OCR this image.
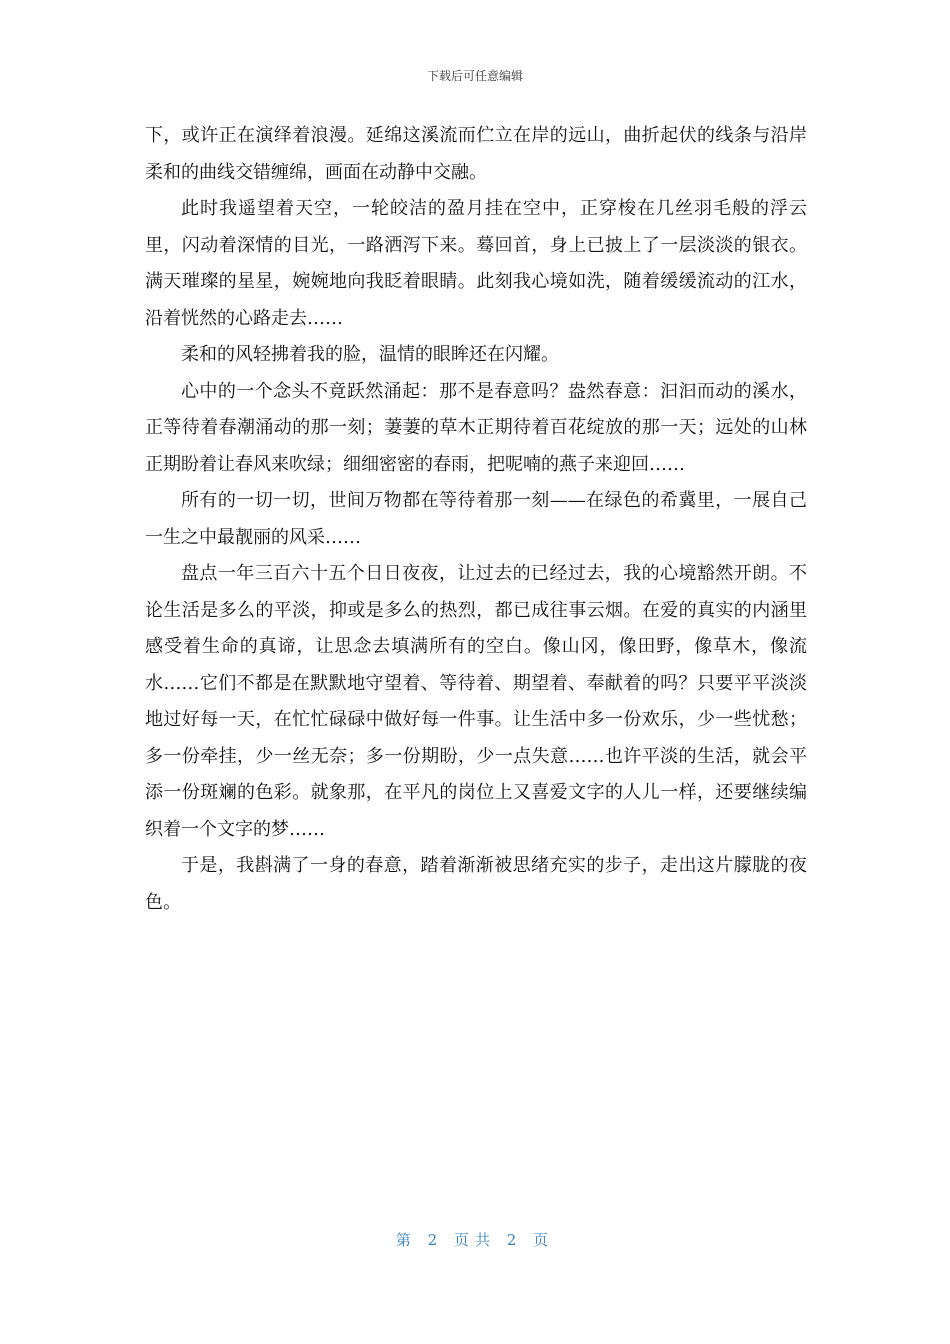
下载后可任意编辑

下，或许正在演绎着浪漫。延绵这溪流而伫立在岸的远山，曲折起伏的线条与沿岸柔和的曲线交错缠绵，画面在动静中交融。

此时我遥望着天空，一轮皎洁的盈月挂在空中，正穿梭在几丝羽毛般的浮云里，闪动着深情的目光，一路洒泻下来。蓦回首，身上已披上了一层淡淡的银衣。满天璀璨的星星，婉婉地向我眨着眼睛。此刻我心境如洗，随着缓缓流动的江水，沿着恍然的心路走去……

柔和的风轻拂着我的脸，温情的眼眸还在闪耀。

心中的一个念头不竟跃然涌起：那不是春意吗？盎然春意：汩汩而动的溪水，正等待着春潮涌动的那一刻；萋萋的草木正期待着百花绽放的那一天；远处的山林正期盼着让春风来吹绿；细细密密的春雨，把呢喃的燕子来迎回……

所有的一切一切，世间万物都在等待着那一刻——在绿色的希冀里，一展自己一生之中最靓丽的风采……

盘点一年三百六十五个日日夜夜，让过去的已经过去，我的心境豁然开朗。不论生活是多么的平淡，抑或是多么的热烈，都已成往事云烟。在爱的真实的内涵里感受着生命的真谛，让思念去填满所有的空白。像山冈，像田野，像草木，像流水……它们不都是在默默地守望着、等待着、期望着、奉献着的吗？只要平平淡淡地过好每一天，在忙忙碌碌中做好每一件事。让生活中多一份欢乐，少一些忧愁；多一份牵挂，少一丝无奈；多一份期盼，少一点失意……也许平淡的生活，就会平添一份斑斓的色彩。就象那，在平凡的岗位上又喜爱文字的人儿一样，还要继续编织着一个文字的梦……

于是，我斟满了一身的春意，踏着渐渐被思绪充实的步子，走出这片朦胧的夜色。

第 2 页共 2 页
